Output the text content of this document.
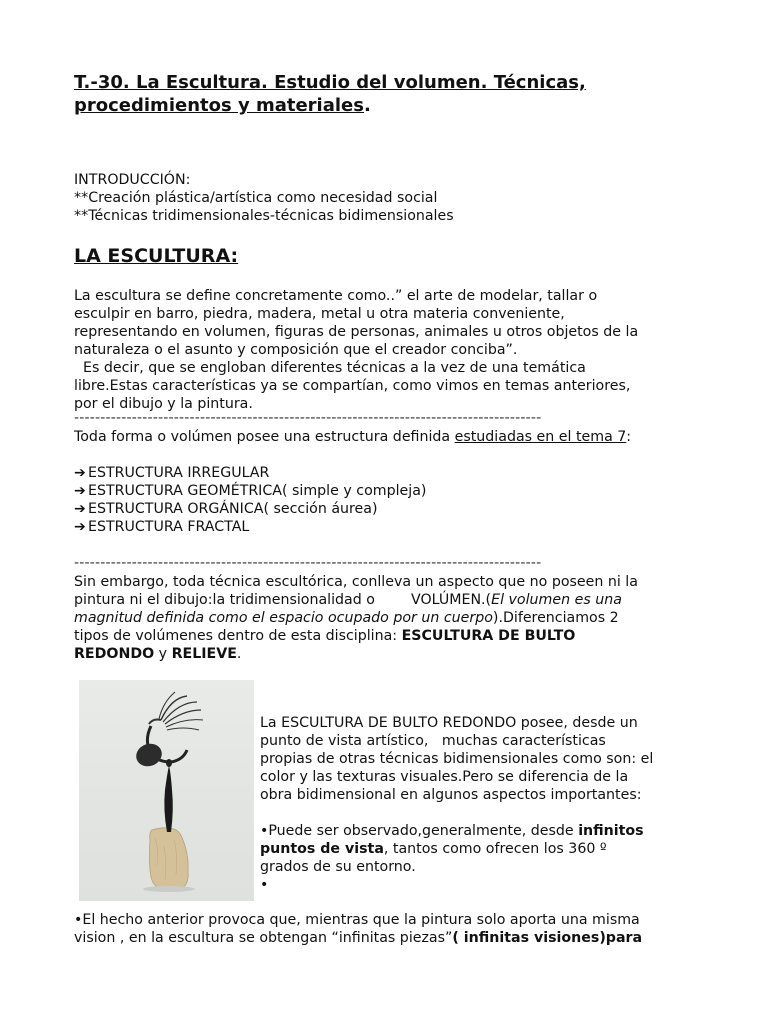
T.-30. La Escultura. Estudio del volumen. Técnicas,
procedimientos y materiales.
INTRODUCCIÓN:
**Creación plástica/artística como necesidad social
**Técnicas tridimensionales-técnicas bidimensionales
LA ESCULTURA:
La escultura se define concretamente como..” el arte de modelar, tallar o
esculpir en barro, piedra, madera, metal u otra materia conveniente,
representando en volumen, figuras de personas, animales u otros objetos de la
naturaleza o el asunto y composición que el creador conciba”.
Es decir, que se engloban diferentes técnicas a la vez de una temática
libre.Estas características ya se compartían, como vimos en temas anteriores,
por el dibujo y la pintura.
-----------------------------------------------------------------------------------------
Toda forma o volúmen posee una estructura definida estudiadas en el tema 7:
➔ ESTRUCTURA IRREGULAR
➔ ESTRUCTURA GEOMÉTRICA( simple y compleja)
➔ ESTRUCTURA ORGÁNICA( sección áurea)
➔ ESTRUCTURA FRACTAL
-----------------------------------------------------------------------------------------
Sin embargo, toda técnica escultórica, conlleva un aspecto que no poseen ni la
pintura ni el dibujo:la tridimensionalidad o        VOLÚMEN.(El volumen es una
magnitud definida como el espacio ocupado por un cuerpo).Diferenciamos 2
tipos de volúmenes dentro de esta disciplina: ESCULTURA DE BULTO
REDONDO y RELIEVE.
La ESCULTURA DE BULTO REDONDO posee, desde un
punto de vista artístico,   muchas características
propias de otras técnicas bidimensionales como son: el
color y las texturas visuales.Pero se diferencia de la
obra bidimensional en algunos aspectos importantes:
•Puede ser observado,generalmente, desde infinitos
puntos de vista, tantos como ofrecen los 360 º
grados de su entorno.
•
•El hecho anterior provoca que, mientras que la pintura solo aporta una misma
vision , en la escultura se obtengan “infinitas piezas”( infinitas visiones)para
